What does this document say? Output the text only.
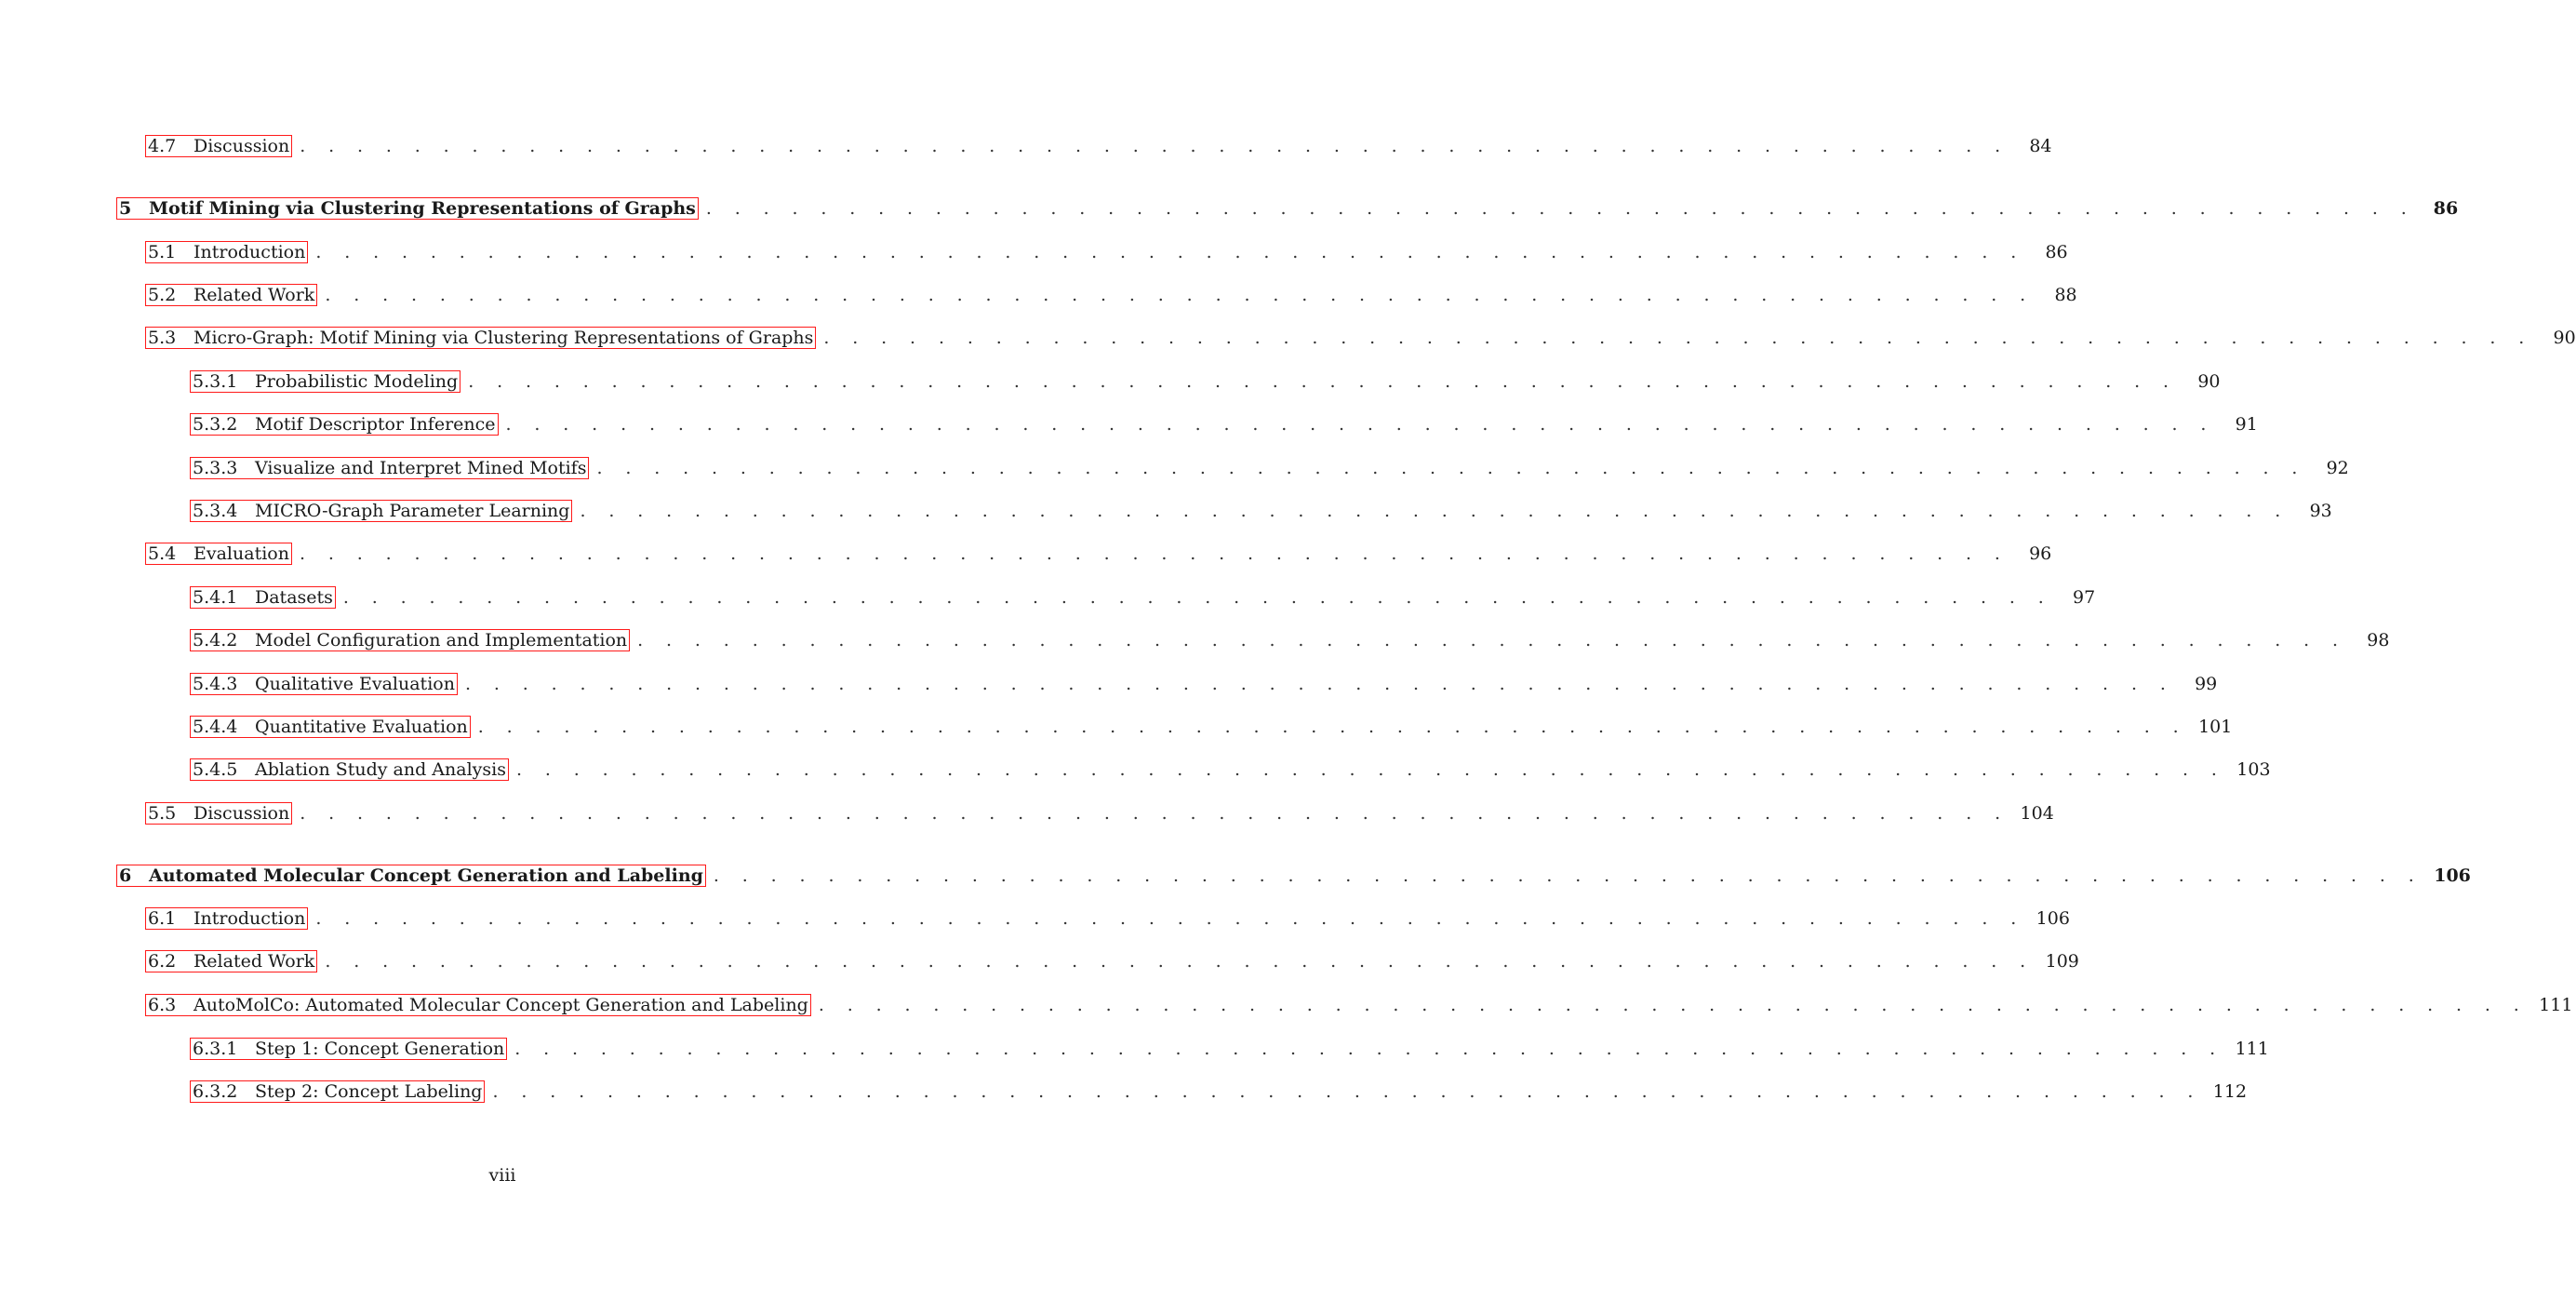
4.7 Discussion . . . . . . . . . . . . . . . . . . . . . . . . . . . . . . . . . . . . . . . . . . . . . . . . . . . . . . . . . . . .	84
5 Motif Mining via Clustering Representations of Graphs . . . . . . . . . . . . . . . . . . . . . . . . . . . . . . . . . . . . . . . . . . . . . . . . . . . . . . . . . . . .	86
5.1 Introduction . . . . . . . . . . . . . . . . . . . . . . . . . . . . . . . . . . . . . . . . . . . . . . . . . . . . . . . . . . . .	86
5.2 Related Work . . . . . . . . . . . . . . . . . . . . . . . . . . . . . . . . . . . . . . . . . . . . . . . . . . . . . . . . . . . .	88
5.3 Micro-Graph: Motif Mining via Clustering Representations of Graphs . . . . . . . . . . . . . . . . . . . . . . . . . . . . . . . . . . . . . . . . . . . . . . . . . . . . . . . . . . . .	90
5.3.1 Probabilistic Modeling . . . . . . . . . . . . . . . . . . . . . . . . . . . . . . . . . . . . . . . . . . . . . . . . . . . . . . . . . . . .	90
5.3.2 Motif Descriptor Inference . . . . . . . . . . . . . . . . . . . . . . . . . . . . . . . . . . . . . . . . . . . . . . . . . . . . . . . . . . . .	91
5.3.3 Visualize and Interpret Mined Motifs . . . . . . . . . . . . . . . . . . . . . . . . . . . . . . . . . . . . . . . . . . . . . . . . . . . . . . . . . . . .	92
5.3.4 MICRO-Graph Parameter Learning . . . . . . . . . . . . . . . . . . . . . . . . . . . . . . . . . . . . . . . . . . . . . . . . . . . . . . . . . . . .	93
5.4 Evaluation . . . . . . . . . . . . . . . . . . . . . . . . . . . . . . . . . . . . . . . . . . . . . . . . . . . . . . . . . . . .	96
5.4.1 Datasets . . . . . . . . . . . . . . . . . . . . . . . . . . . . . . . . . . . . . . . . . . . . . . . . . . . . . . . . . . . .	97
5.4.2 Model Configuration and Implementation . . . . . . . . . . . . . . . . . . . . . . . . . . . . . . . . . . . . . . . . . . . . . . . . . . . . . . . . . . . .	98
5.4.3 Qualitative Evaluation . . . . . . . . . . . . . . . . . . . . . . . . . . . . . . . . . . . . . . . . . . . . . . . . . . . . . . . . . . . .	99
5.4.4 Quantitative Evaluation . . . . . . . . . . . . . . . . . . . . . . . . . . . . . . . . . . . . . . . . . . . . . . . . . . . . . . . . . . . . 101
5.4.5 Ablation Study and Analysis . . . . . . . . . . . . . . . . . . . . . . . . . . . . . . . . . . . . . . . . . . . . . . . . . . . . . . . . . . . . 103
5.5 Discussion . . . . . . . . . . . . . . . . . . . . . . . . . . . . . . . . . . . . . . . . . . . . . . . . . . . . . . . . . . . . 104
6 Automated Molecular Concept Generation and Labeling . . . . . . . . . . . . . . . . . . . . . . . . . . . . . . . . . . . . . . . . . . . . . . . . . . . . . . . . . . . . 106
6.1 Introduction . . . . . . . . . . . . . . . . . . . . . . . . . . . . . . . . . . . . . . . . . . . . . . . . . . . . . . . . . . . . 106
6.2 Related Work . . . . . . . . . . . . . . . . . . . . . . . . . . . . . . . . . . . . . . . . . . . . . . . . . . . . . . . . . . . . 109
6.3 AutoMolCo: Automated Molecular Concept Generation and Labeling . . . . . . . . . . . . . . . . . . . . . . . . . . . . . . . . . . . . . . . . . . . . . . . . . . . . . . . . . . . . 111
6.3.1 Step 1: Concept Generation . . . . . . . . . . . . . . . . . . . . . . . . . . . . . . . . . . . . . . . . . . . . . . . . . . . . . . . . . . . . 111
6.3.2 Step 2: Concept Labeling . . . . . . . . . . . . . . . . . . . . . . . . . . . . . . . . . . . . . . . . . . . . . . . . . . . . . . . . . . . . 112
viii
